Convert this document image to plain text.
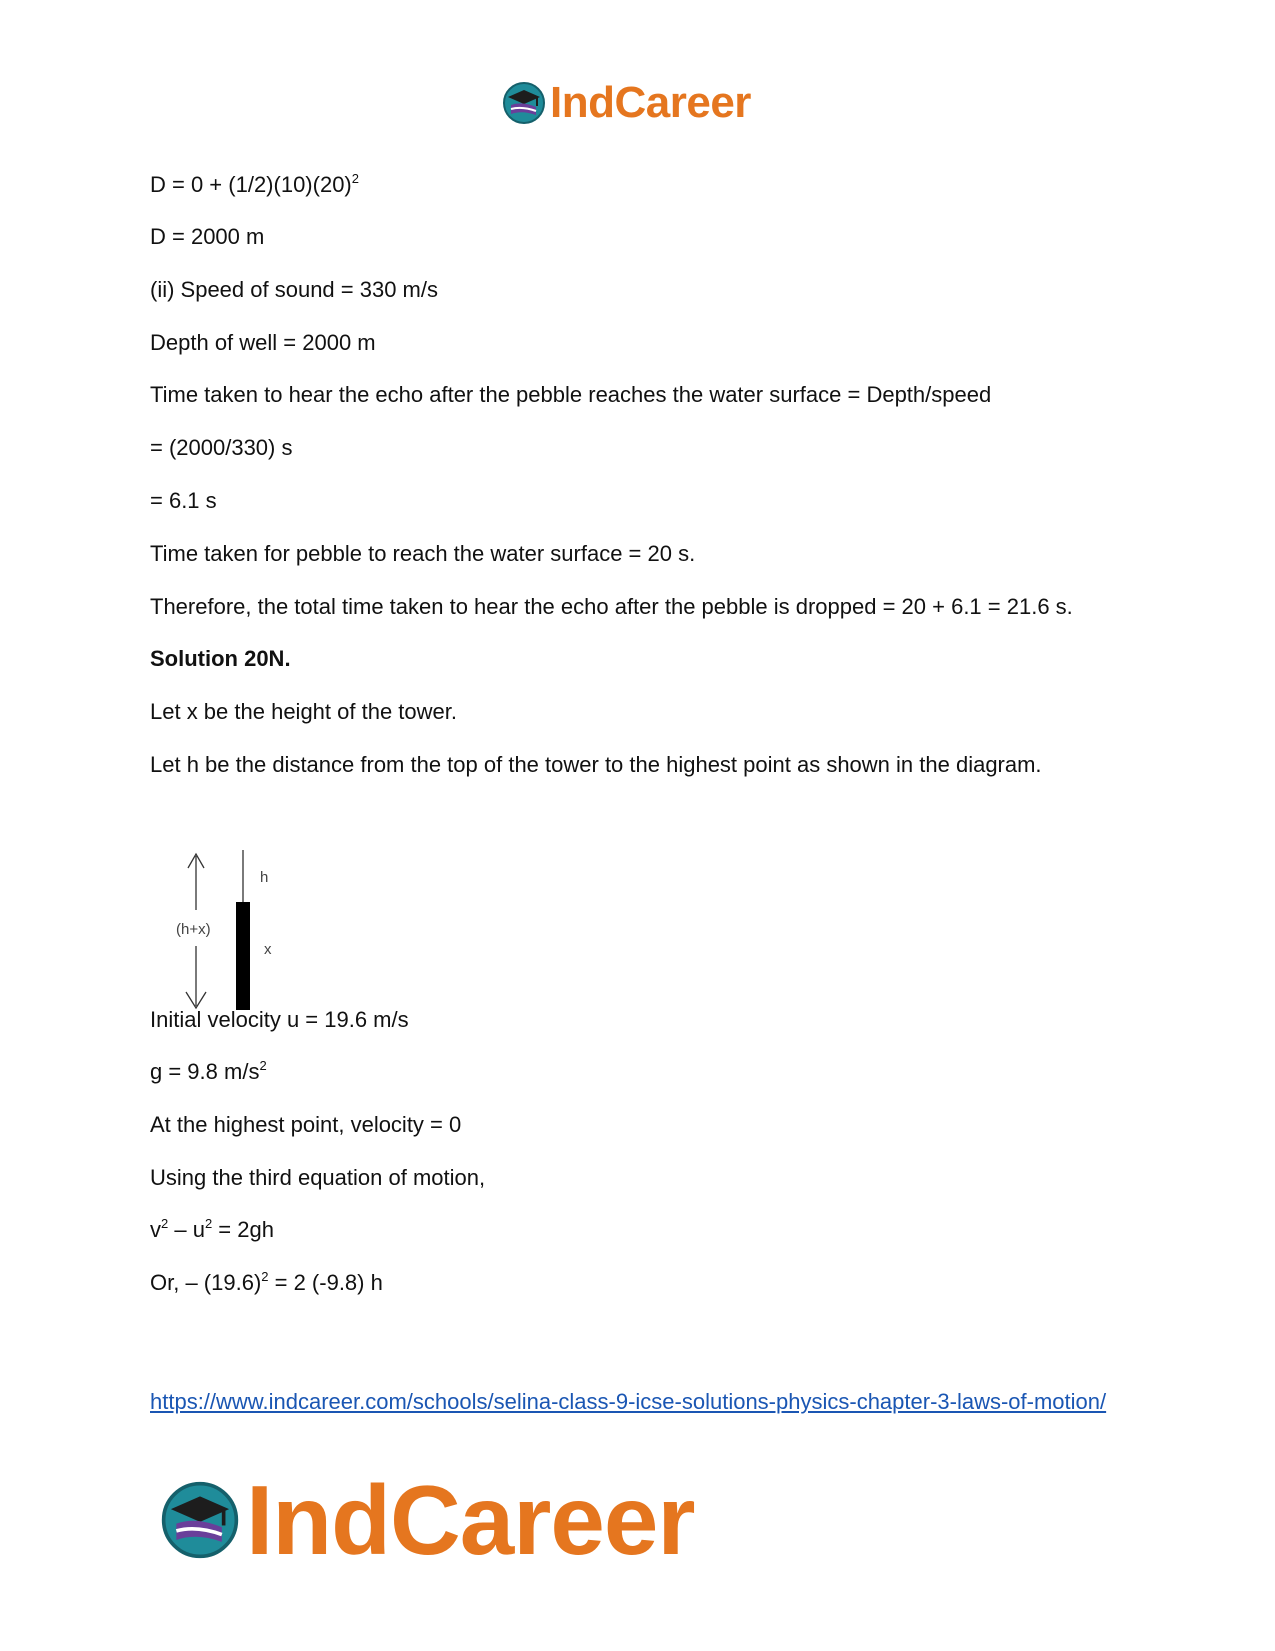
IndCareer
$D = 0 + (1/2)(10)(20)^2$
D = 2000 m
(ii) Speed of sound = 330 m/s
Depth of well = 2000 m
Time taken to hear the echo after the pebble reaches the water surface = Depth/speed
= (2000/330) s
= 6.1 s
Time taken for pebble to reach the water surface = 20 s.
Therefore, the total time taken to hear the echo after the pebble is dropped = 20 + 6.1 = 21.6 s.
Solution 20N.
Let x be the height of the tower.
Let h be the distance from the top of the tower to the highest point as shown in the diagram.
(h+x)
h
x
Initial velocity u = 19.6 m/s
g = 9.8 $m/s^2$
At the highest point, velocity = 0
Using the third equation of motion,
$v^2 - u^2 = 2gh$
Or, – $(19.6)^2 = 2$ (-9.8) h
https://www.indcareer.com/schools/selina-class-9-icse-solutions-physics-chapter-3-laws-of-motion/
IndCareer
